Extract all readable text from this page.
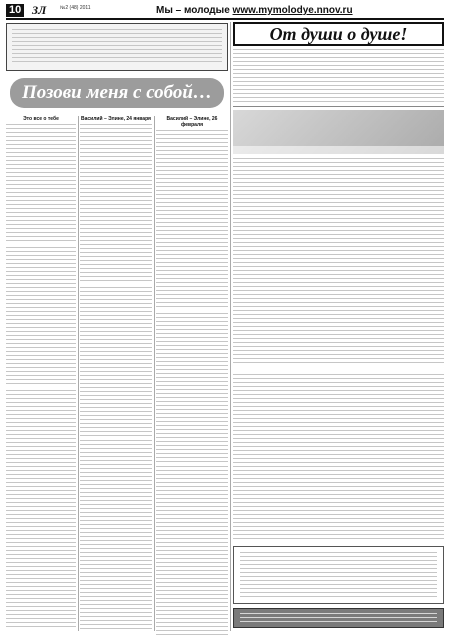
10 ЗЛ	№2 (48) 2011	Мы – молодые www.mymolodye.nnov.ru
Позови меня с собой…
От души о душе!
Это все о тебе	Василий – Элине, 24 января	Василий – Элине, 26 февраля
